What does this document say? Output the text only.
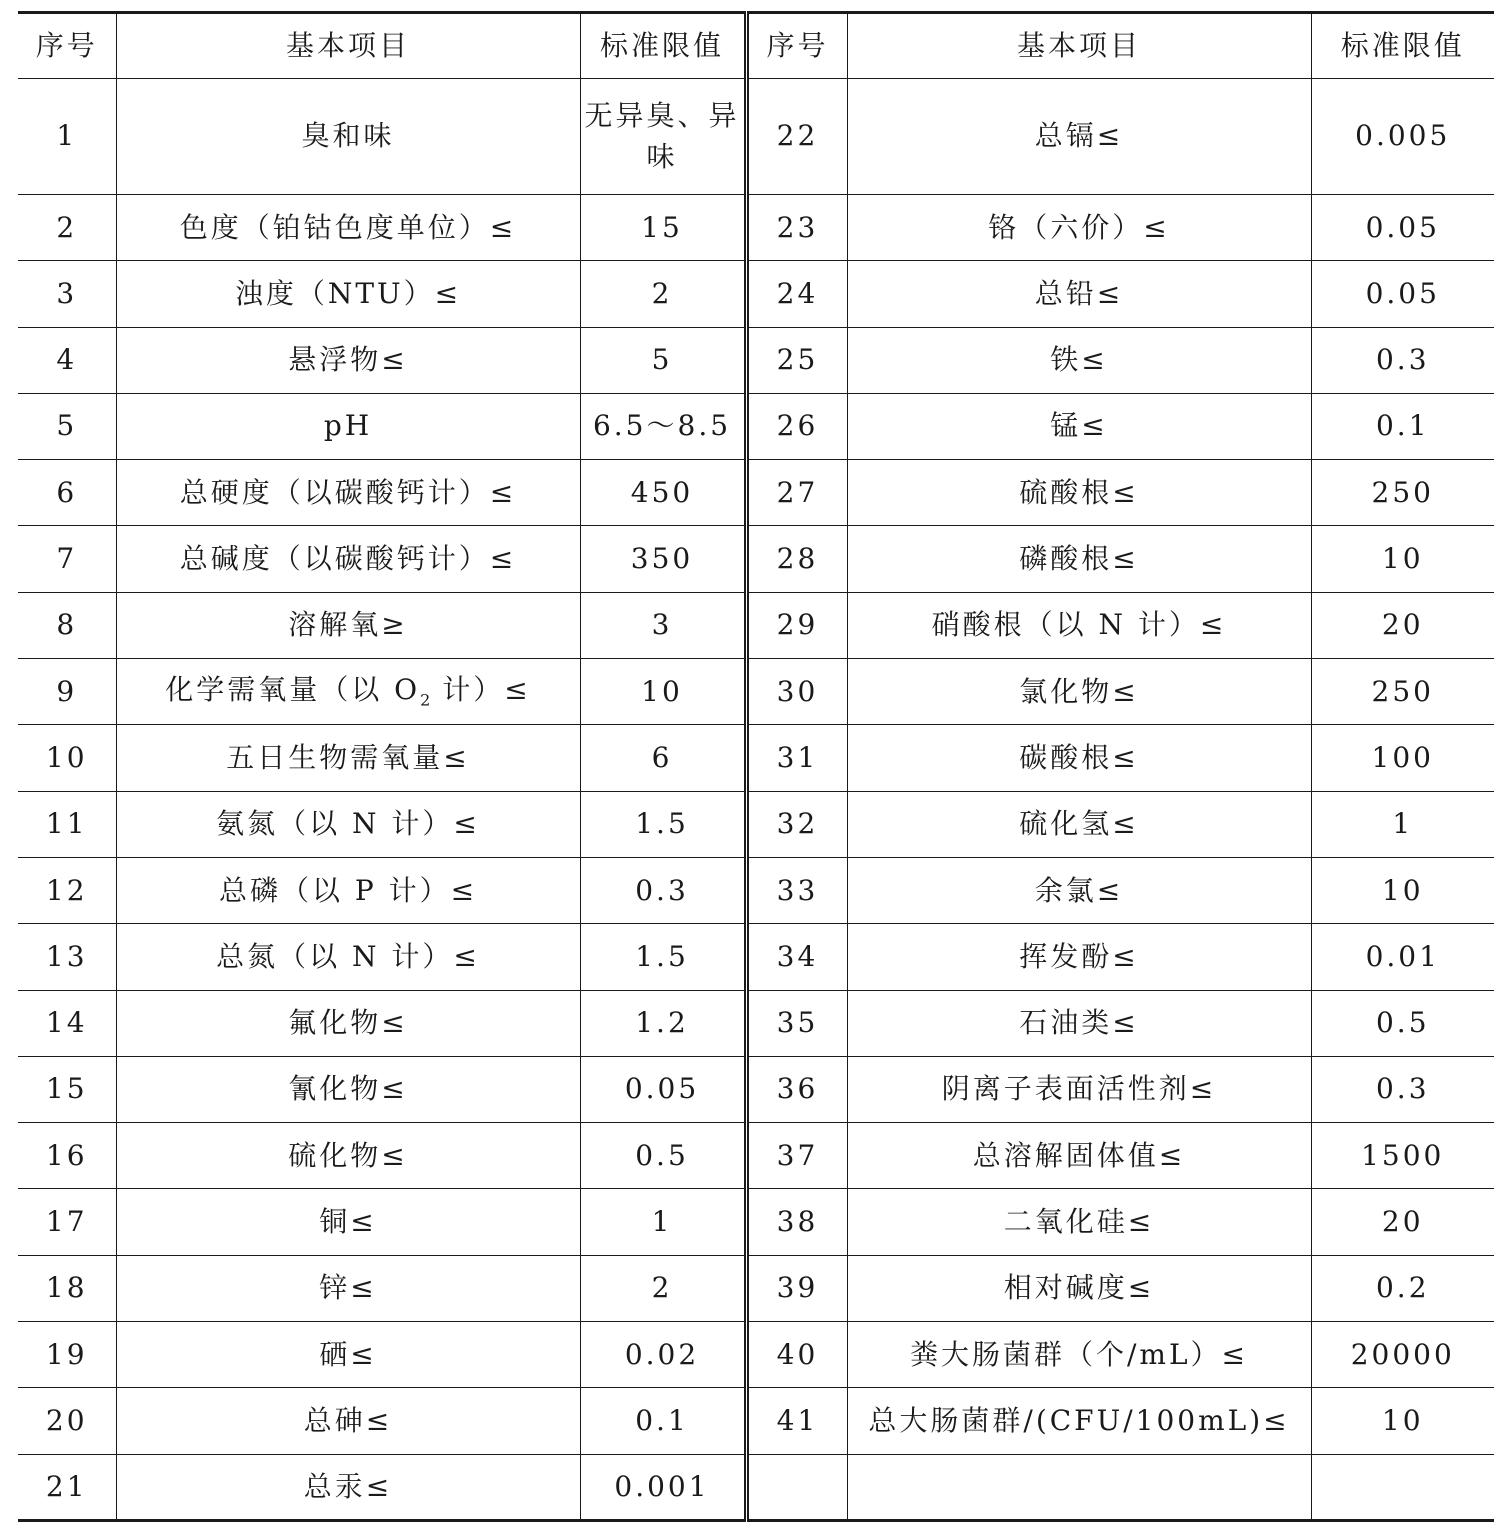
序号	基本项目	标准限值	序号	基本项目	标准限值
1	臭和味	无异臭、异味	22	总镉≤	0.005
2	色度（铂钴色度单位）≤	15	23	铬（六价）≤	0.05
3	浊度（NTU）≤	2	24	总铅≤	0.05
4	悬浮物≤	5	25	铁≤	0.3
5	pH	6.5～8.5	26	锰≤	0.1
6	总硬度（以碳酸钙计）≤	450	27	硫酸根≤	250
7	总碱度（以碳酸钙计）≤	350	28	磷酸根≤	10
8	溶解氧≥	3	29	硝酸根（以 N 计）≤	20
9	化学需氧量（以 $O_2$ 计）≤	10	30	氯化物≤	250
10	五日生物需氧量≤	6	31	碳酸根≤	100
11	氨氮（以 N 计）≤	1.5	32	硫化氢≤	1
12	总磷（以 P 计）≤	0.3	33	余氯≤	10
13	总氮（以 N 计）≤	1.5	34	挥发酚≤	0.01
14	氟化物≤	1.2	35	石油类≤	0.5
15	氰化物≤	0.05	36	阴离子表面活性剂≤	0.3
16	硫化物≤	0.5	37	总溶解固体值≤	1500
17	铜≤	1	38	二氧化硅≤	20
18	锌≤	2	39	相对碱度≤	0.2
19	硒≤	0.02	40	粪大肠菌群（个/mL）≤	20000
20	总砷≤	0.1	41	总大肠菌群/(CFU/100mL)≤	10
21	总汞≤	0.001			
